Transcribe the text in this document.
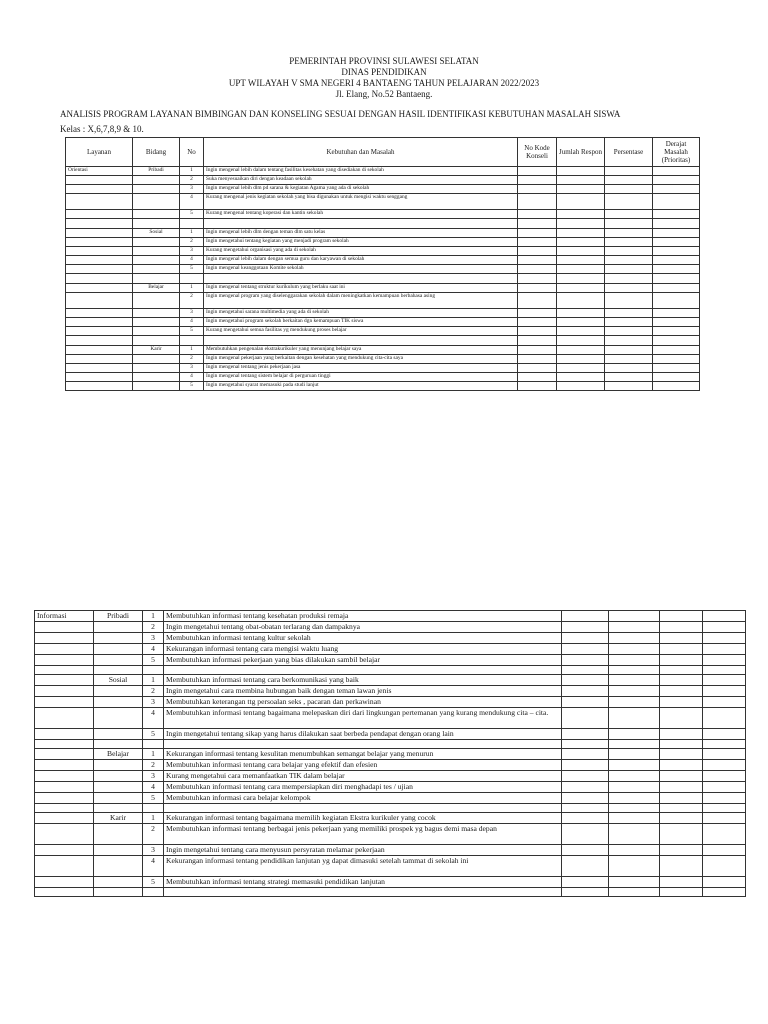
PEMERINTAH PROVINSI SULAWESI SELATAN
DINAS PENDIDIKAN
UPT WILAYAH V SMA NEGERI 4 BANTAENG TAHUN PELAJARAN 2022/2023
Jl. Elang, No.52 Bantaeng.
ANALISIS PROGRAM LAYANAN BIMBINGAN DAN KONSELING SESUAI DENGAN HASIL IDENTIFIKASI KEBUTUHAN MASALAH SISWA
Kelas : X,6,7,8,9 & 10.
Layanan	Bidang	No	Kebutuhan dan Masalah	No Kode Konseli	Jumlah Respon	Persentase	Derajat Masalah (Prioritas)
Orientasi	Pribadi	1	Ingin mengenal lebih dalam tentang fasilitas kesehatan yang disediakan di sekolah				
		2	Suka menyesuaikan diri dengan keadaan sekolah				
		3	Ingin mengenal lebih dlm pd sarana & kegiatan Agama yang ada di sekolah				
		4	Kurang mengenal jenis kegiatan sekolah yang bisa digunakan untuk mengisi waktu senggang				
		5	Kurang mengenal tentang koperasi dan kantin sekolah				

	Sosial	1	Ingin mengenal lebih dlm dengan teman dlm satu kelas				
		2	Ingin mengetahui tentang kegiatan yang menjadi program sekolah				
		3	Kurang mengetahui organisasi yang ada di sekolah				
		4	Ingin mengenal lebih dalam dengan semua guru dan karyawan di sekolah				
		5	Ingin mengenal keanggotaan Komite sekolah				

	Belajar	1	Ingin mengenal tentang struktur kurikulum yang berlaku saat ini				
		2	Ingin mengenal program yang diselenggarakan sekolah dalam meningkatkan kemampuan berbahasa asing				
		3	Ingin mengetahui sarana multimedia yang ada di sekolah				
		4	Ingin mengetahui program sekolah berkaitan dgn kemampuan TIK siswa				
		5	Kurang mengetahui semua fasilitas yg mendukung proses belajar				

	Karir	1	Membutuhkan pengenalan ekstrakurikuler yang menunjang belajar saya				
		2	Ingin mengenal pekerjaan yang berkaitan dengan kesehatan yang mendukung cita-cita saya				
		3	Ingin mengenal tentang jenis pekerjaan jasa				
		4	Ingin mengenal tentang sistem belajar di perguruan tinggi				
		5	Ingin mengetahui syarat memasuki pada studi lanjut				
Informasi	Pribadi	1	Membutuhkan informasi tentang kesehatan produksi remaja				
		2	Ingin mengetahui tentang obat-obatan terlarang dan dampaknya				
		3	Membutuhkan informasi tentang kultur sekolah				
		4	Kekurangan informasi tentang cara mengisi waktu luang				
		5	Membutuhkan informasi pekerjaan yang bias dilakukan sambil belajar				

	Sosial	1	Membutuhkan informasi tentang cara berkomunikasi yang baik				
		2	Ingin mengetahui cara membina hubungan baik dengan teman lawan jenis				
		3	Membutuhkan keterangan ttg persoalan seks , pacaran dan perkawinan				
		4	Membutuhkan informasi tentang bagaimana melepaskan diri dari lingkungan pertemanan yang kurang mendukung cita – cita.				
		5	Ingin mengetahui tentang sikap yang harus dilakukan saat berbeda pendapat dengan orang lain				

	Belajar	1	Kekurangan informasi tentang kesulitan menumbuhkan semangat belajar yang menurun				
		2	Membutuhkan informasi tentang cara belajar yang efektif dan efesien				
		3	Kurang mengetahui cara memanfaatkan TIK dalam belajar				
		4	Membutuhkan informasi tentang cara mempersiapkan diri menghadapi tes / ujian				
		5	Membutuhkan informasi cara belajar kelompok				

	Karir	1	Kekurangan informasi tentang bagaimana memilih kegiatan Ekstra kurikuler yang cocok				
		2	Membutuhkan informasi tentang berbagai jenis pekerjaan yang memiliki prospek yg bagus demi masa depan				
		3	Ingin mengetahui tentang cara menyusun persyratan melamar pekerjaan				
		4	Kekurangan informasi tentang pendidikan lanjutan yg dapat dimasuki setelah tammat di sekolah ini				
		5	Membutuhkan informasi tentang strategi memasuki pendidikan lanjutan				
